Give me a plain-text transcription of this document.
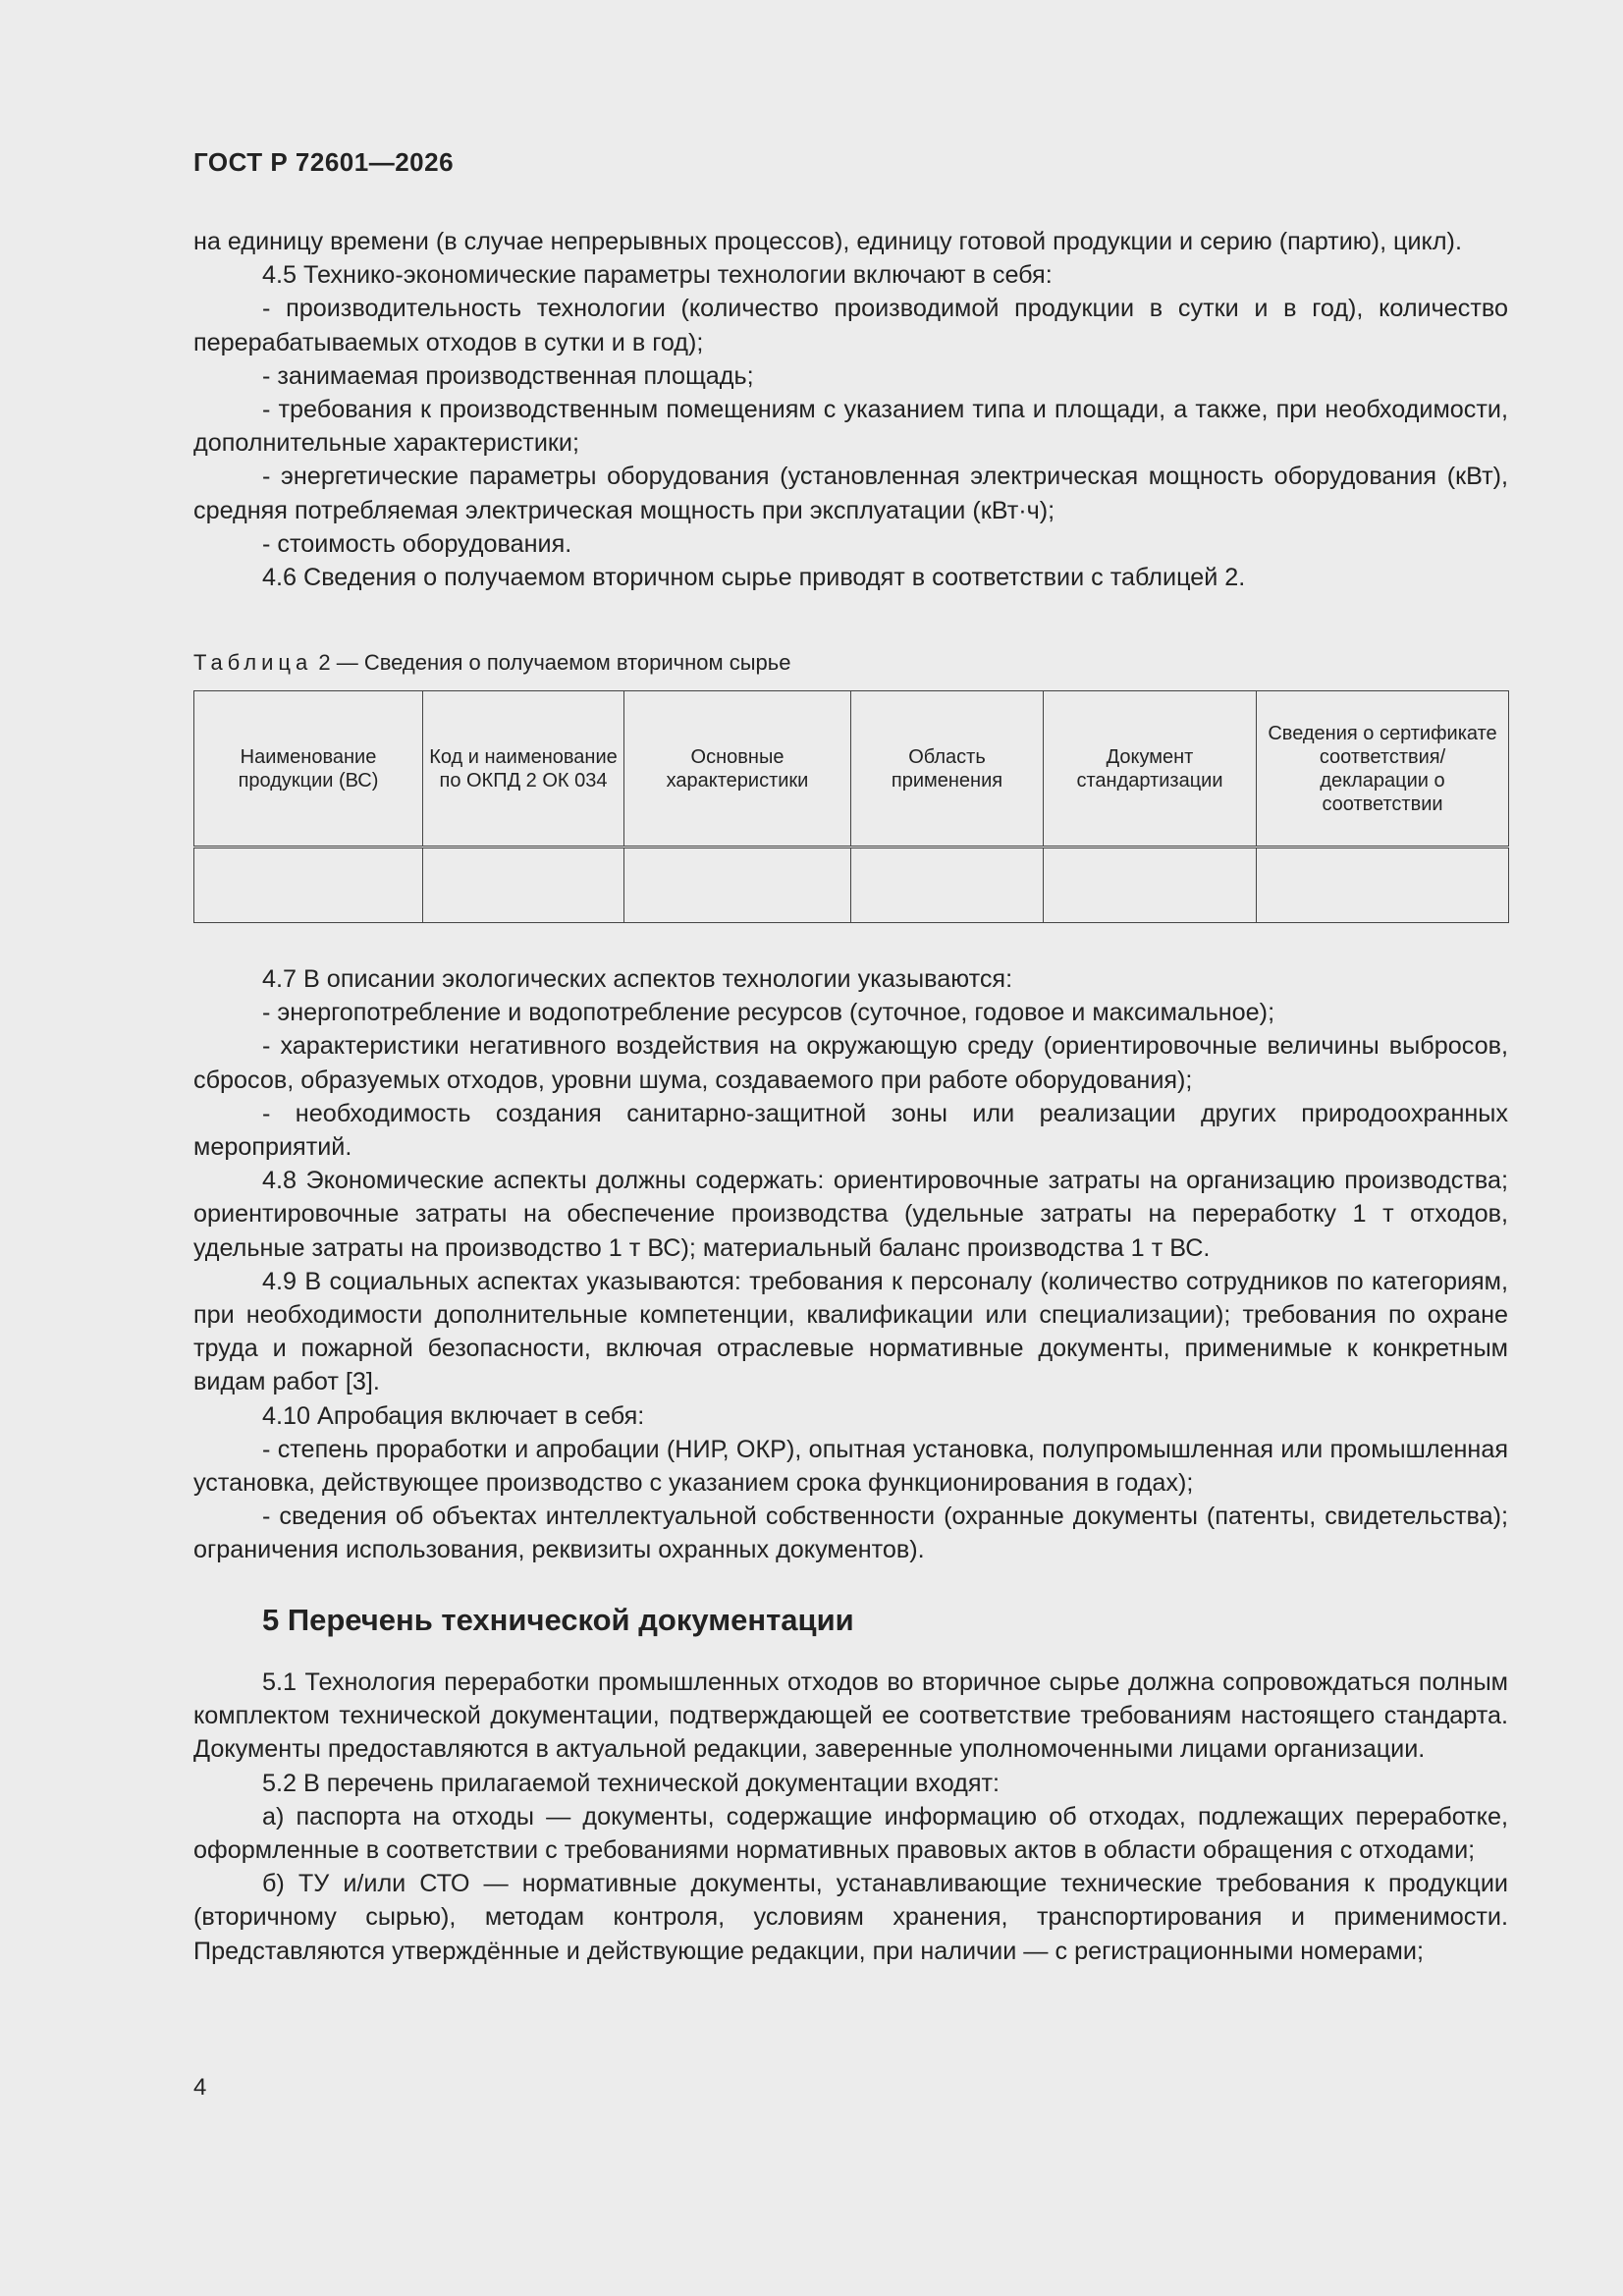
ГОСТ Р 72601—2026

на единицу времени (в случае непрерывных процессов), единицу готовой продукции и серию (партию), цикл).

4.5 Технико-экономические параметры технологии включают в себя:

- производительность технологии (количество производимой продукции в сутки и в год), количество перерабатываемых отходов в сутки и в год);

- занимаемая производственная площадь;

- требования к производственным помещениям с указанием типа и площади, а также, при необходимости, дополнительные характеристики;

- энергетические параметры оборудования (установленная электрическая мощность оборудования (кВт), средняя потребляемая электрическая мощность при эксплуатации (кВт·ч);

- стоимость оборудования.

4.6 Сведения о получаемом вторичном сырье приводят в соответствии с таблицей 2.

Таблица 2 — Сведения о получаемом вторичном сырье
Наименование продукции (ВС)	Код и наименование по ОКПД 2 ОК 034	Основные характеристики	Область применения	Документ стандартизации	Сведения о сертификате соответствия/ декларации о соответствии

4.7 В описании экологических аспектов технологии указываются:

- энергопотребление и водопотребление ресурсов (суточное, годовое и максимальное);

- характеристики негативного воздействия на окружающую среду (ориентировочные величины выбросов, сбросов, образуемых отходов, уровни шума, создаваемого при работе оборудования);

- необходимость создания санитарно-защитной зоны или реализации других природоохранных мероприятий.

4.8 Экономические аспекты должны содержать: ориентировочные затраты на организацию производства; ориентировочные затраты на обеспечение производства (удельные затраты на переработку 1 т отходов, удельные затраты на производство 1 т ВС); материальный баланс производства 1 т ВС.

4.9 В социальных аспектах указываются: требования к персоналу (количество сотрудников по категориям, при необходимости дополнительные компетенции, квалификации или специализации); требования по охране труда и пожарной безопасности, включая отраслевые нормативные документы, применимые к конкретным видам работ [3].

4.10 Апробация включает в себя:

- степень проработки и апробации (НИР, ОКР), опытная установка, полупромышленная или промышленная установка, действующее производство с указанием срока функционирования в годах);

- сведения об объектах интеллектуальной собственности (охранные документы (патенты, свидетельства); ограничения использования, реквизиты охранных документов).

5 Перечень технической документации

5.1 Технология переработки промышленных отходов во вторичное сырье должна сопровождаться полным комплектом технической документации, подтверждающей ее соответствие требованиям настоящего стандарта. Документы предоставляются в актуальной редакции, заверенные уполномоченными лицами организации.

5.2 В перечень прилагаемой технической документации входят:

а) паспорта на отходы — документы, содержащие информацию об отходах, подлежащих переработке, оформленные в соответствии с требованиями нормативных правовых актов в области обращения с отходами;

б) ТУ и/или СТО — нормативные документы, устанавливающие технические требования к продукции (вторичному сырью), методам контроля, условиям хранения, транспортирования и применимости. Представляются утверждённые и действующие редакции, при наличии — с регистрационными номерами;

4
